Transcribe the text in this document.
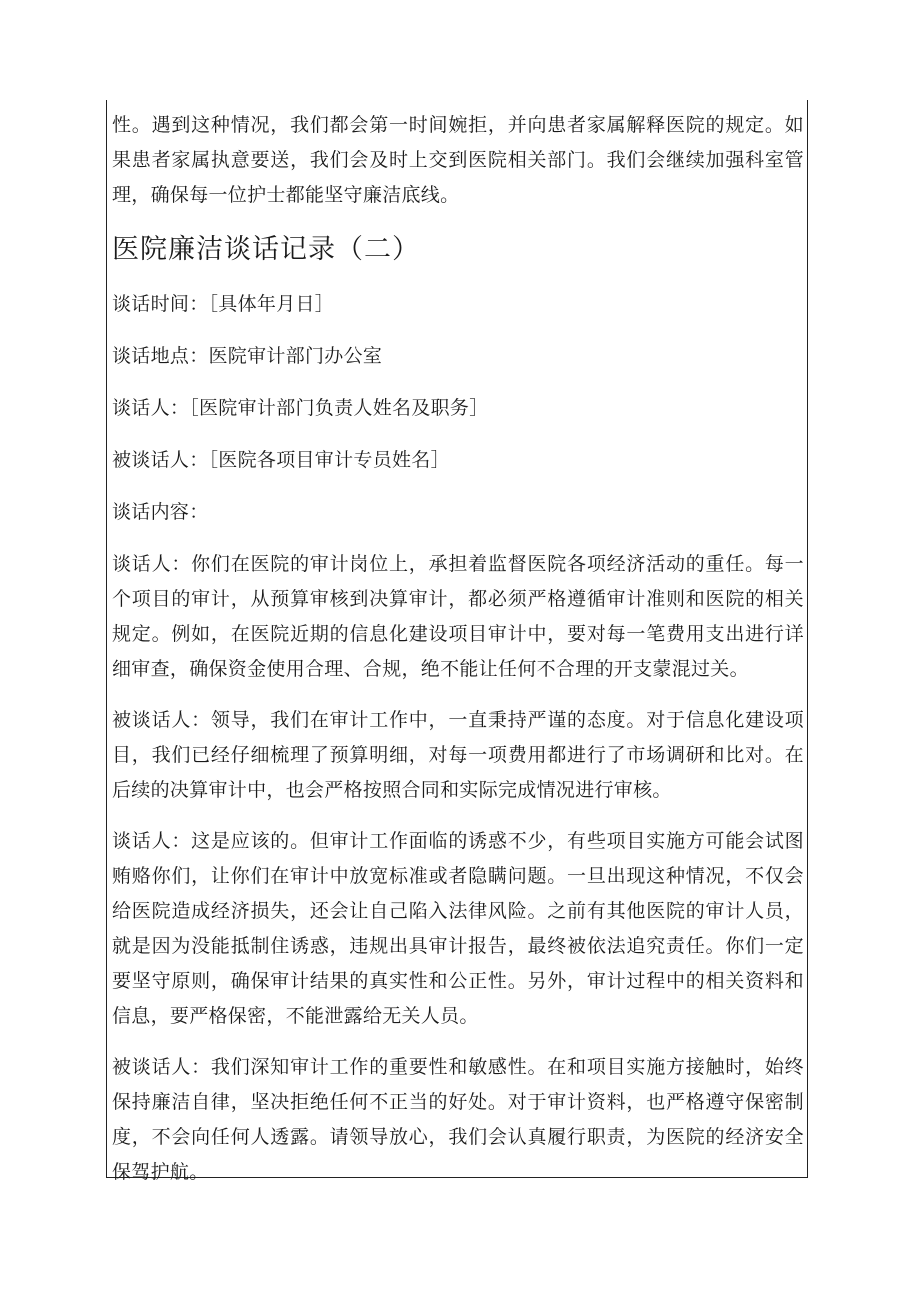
性。遇到这种情况，我们都会第一时间婉拒，并向患者家属解释医院的规定。如果患者家属执意要送，我们会及时上交到医院相关部门。我们会继续加强科室管理，确保每一位护士都能坚守廉洁底线。

医院廉洁谈话记录（二）

谈话时间：［具体年月日］

谈话地点：医院审计部门办公室

谈话人：［医院审计部门负责人姓名及职务］

被谈话人：［医院各项目审计专员姓名］

谈话内容：

谈话人：你们在医院的审计岗位上，承担着监督医院各项经济活动的重任。每一个项目的审计，从预算审核到决算审计，都必须严格遵循审计准则和医院的相关规定。例如，在医院近期的信息化建设项目审计中，要对每一笔费用支出进行详细审查，确保资金使用合理、合规，绝不能让任何不合理的开支蒙混过关。

被谈话人：领导，我们在审计工作中，一直秉持严谨的态度。对于信息化建设项目，我们已经仔细梳理了预算明细，对每一项费用都进行了市场调研和比对。在后续的决算审计中，也会严格按照合同和实际完成情况进行审核。

谈话人：这是应该的。但审计工作面临的诱惑不少，有些项目实施方可能会试图贿赂你们，让你们在审计中放宽标准或者隐瞒问题。一旦出现这种情况，不仅会给医院造成经济损失，还会让自己陷入法律风险。之前有其他医院的审计人员，就是因为没能抵制住诱惑，违规出具审计报告，最终被依法追究责任。你们一定要坚守原则，确保审计结果的真实性和公正性。另外，审计过程中的相关资料和信息，要严格保密，不能泄露给无关人员。

被谈话人：我们深知审计工作的重要性和敏感性。在和项目实施方接触时，始终保持廉洁自律，坚决拒绝任何不正当的好处。对于审计资料，也严格遵守保密制度，不会向任何人透露。请领导放心，我们会认真履行职责，为医院的经济安全保驾护航。
